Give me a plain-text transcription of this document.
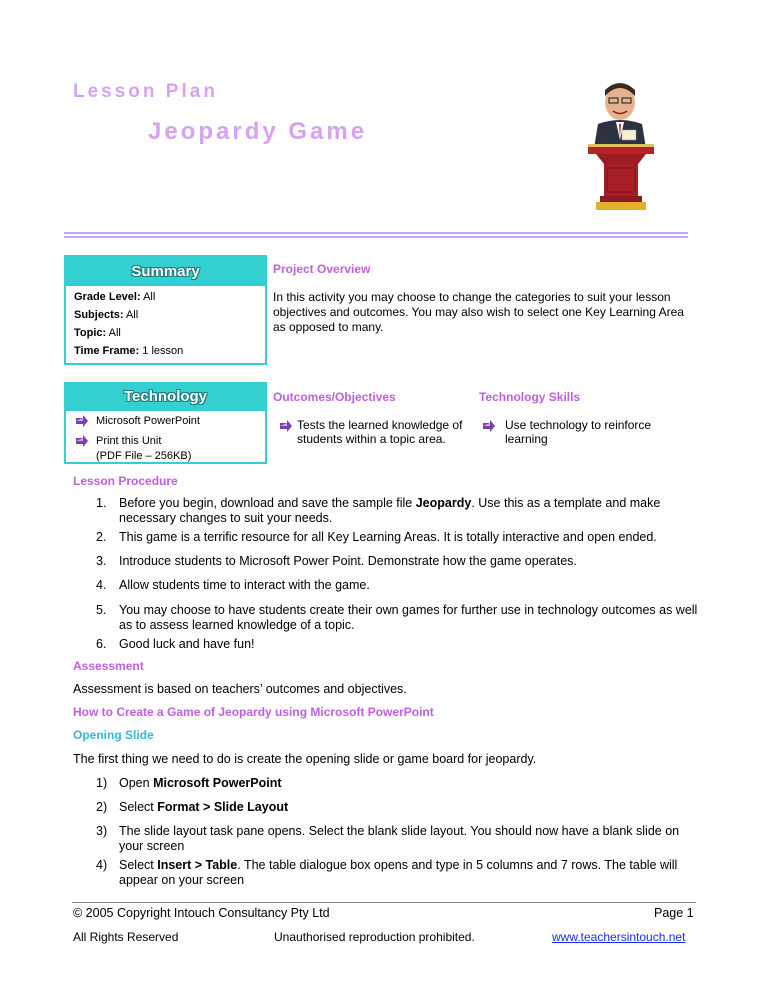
Lesson Plan
Jeopardy Game
Summary
Grade Level: All
Subjects: All
Topic: All
Time Frame: 1 lesson
Project Overview
In this activity you may choose to change the categories to suit your lesson objectives and outcomes. You may also wish to select one Key Learning Area as opposed to many.
Technology
Microsoft PowerPoint
Print this Unit
(PDF File – 256KB)
Outcomes/Objectives
Tests the learned knowledge of students within a topic area.
Technology Skills
Use technology to reinforce learning
Lesson Procedure
1. Before you begin, download and save the sample file Jeopardy. Use this as a template and make necessary changes to suit your needs.
2. This game is a terrific resource for all Key Learning Areas. It is totally interactive and open ended.
3. Introduce students to Microsoft Power Point. Demonstrate how the game operates.
4. Allow students time to interact with the game.
5. You may choose to have students create their own games for further use in technology outcomes as well as to assess learned knowledge of a topic.
6. Good luck and have fun!
Assessment
Assessment is based on teachers’ outcomes and objectives.
How to Create a Game of Jeopardy using Microsoft PowerPoint
Opening Slide
The first thing we need to do is create the opening slide or game board for jeopardy.
1) Open Microsoft PowerPoint
2) Select Format > Slide Layout
3) The slide layout task pane opens. Select the blank slide layout. You should now have a blank slide on your screen
4) Select Insert > Table. The table dialogue box opens and type in 5 columns and 7 rows. The table will appear on your screen
© 2005 Copyright Intouch Consultancy Pty Ltd	Page 1
All Rights Reserved	Unauthorised reproduction prohibited.	www.teachersintouch.net
